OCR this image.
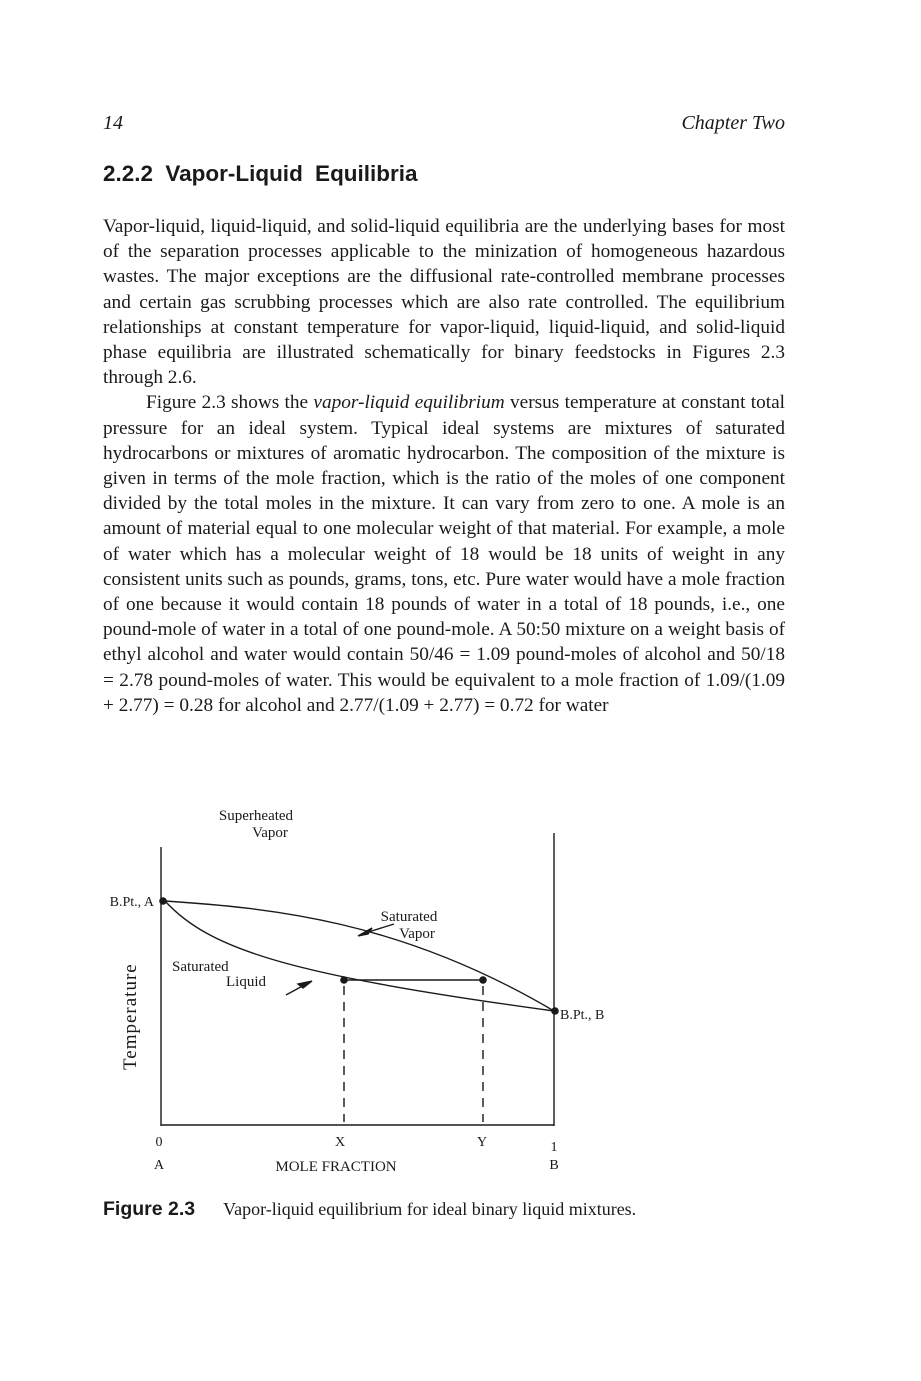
14	Chapter Two
2.2.2 Vapor-Liquid Equilibria

Vapor-liquid, liquid-liquid, and solid-liquid equilibria are the underlying bases for most of the separation processes applicable to the minization of homogeneous hazardous wastes. The major exceptions are the diffusional rate-controlled membrane processes and certain gas scrubbing processes which are also rate controlled. The equilibrium relationships at constant temperature for vapor-liquid, liquid-liquid, and solid-liquid phase equilibria are illustrated schematically for binary feedstocks in Figures 2.3 through 2.6.

Figure 2.3 shows the vapor-liquid equilibrium versus temperature at constant total pressure for an ideal system. Typical ideal systems are mixtures of saturated hydrocarbons or mixtures of aromatic hydrocarbon. The composition of the mixture is given in terms of the mole fraction, which is the ratio of the moles of one component divided by the total moles in the mixture. It can vary from zero to one. A mole is an amount of material equal to one molecular weight of that material. For example, a mole of water which has a molecular weight of 18 would be 18 units of weight in any consistent units such as pounds, grams, tons, etc. Pure water would have a mole fraction of one because it would contain 18 pounds of water in a total of 18 pounds, i.e., one pound-mole of water in a total of one pound-mole. A 50:50 mixture on a weight basis of ethyl alcohol and water would contain 50/46 = 1.09 pound-moles of alcohol and 50/18 = 2.78 pound-moles of water. This would be equivalent to a mole fraction of 1.09/(1.09 + 2.77) = 0.28 for alcohol and 2.77/(1.09 + 2.77) = 0.72 for water

Superheated
Vapor
B.Pt., A
B.Pt., B
Saturated
Vapor
Saturated
Liquid
Temperature
0	X	Y	1
A	MOLE FRACTION	B
Figure 2.3 Vapor-liquid equilibrium for ideal binary liquid mixtures.
